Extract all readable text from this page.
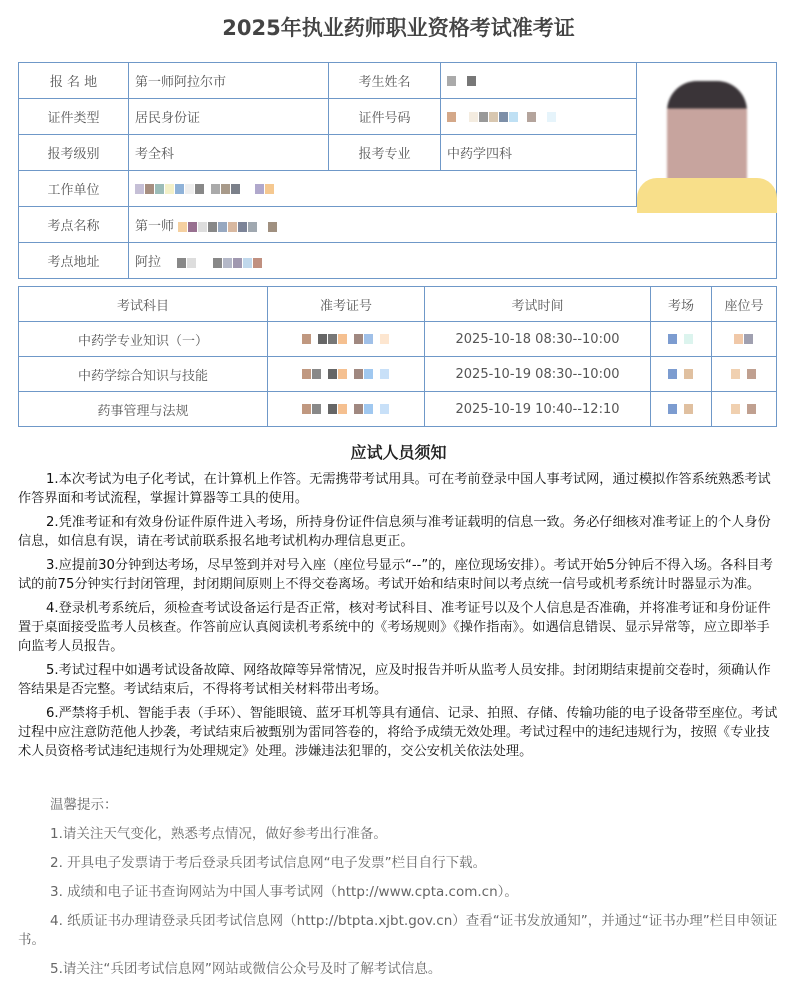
2025年执业药师职业资格考试准考证
报 名 地	第一师阿拉尔市	考生姓名		

证件类型	居民身份证	证件号码		
报考级别	考全科	报考专业	中药学四科	
工作单位				
考点名称	第一师			
考点地址	阿拉			
考试科目	准考证号	考试时间	考场	座位号
中药学专业知识（一）		2025-10-18 08:30--10:00		
中药学综合知识与技能		2025-10-19 08:30--10:00		
药事管理与法规		2025-10-19 10:40--12:10		
应试人员须知

1.本次考试为电子化考试，在计算机上作答。无需携带考试用具。可在考前登录中国人事考试网，通过模拟作答系统熟悉考试作答界面和考试流程，掌握计算器等工具的使用。

2.凭准考证和有效身份证件原件进入考场，所持身份证件信息须与准考证载明的信息一致。务必仔细核对准考证上的个人身份信息，如信息有误，请在考试前联系报名地考试机构办理信息更正。

3.应提前30分钟到达考场，尽早签到并对号入座（座位号显示“--”的，座位现场安排）。考试开始5分钟后不得入场。各科目考试的前75分钟实行封闭管理，封闭期间原则上不得交卷离场。考试开始和结束时间以考点统一信号或机考系统计时器显示为准。

4.登录机考系统后，须检查考试设备运行是否正常，核对考试科目、准考证号以及个人信息是否准确，并将准考证和身份证件置于桌面接受监考人员核查。作答前应认真阅读机考系统中的《考场规则》《操作指南》。如遇信息错误、显示异常等，应立即举手向监考人员报告。

5.考试过程中如遇考试设备故障、网络故障等异常情况，应及时报告并听从监考人员安排。封闭期结束提前交卷时，须确认作答结果是否完整。考试结束后，不得将考试相关材料带出考场。

6.严禁将手机、智能手表（手环）、智能眼镜、蓝牙耳机等具有通信、记录、拍照、存储、传输功能的电子设备带至座位。考试过程中应注意防范他人抄袭，考试结束后被甄别为雷同答卷的，将给予成绩无效处理。考试过程中的违纪违规行为，按照《专业技术人员资格考试违纪违规行为处理规定》处理。涉嫌违法犯罪的，交公安机关依法处理。

温馨提示：

1.请关注天气变化，熟悉考点情况，做好参考出行准备。

2. 开具电子发票请于考后登录兵团考试信息网“电子发票”栏目自行下载。

3. 成绩和电子证书查询网站为中国人事考试网（http://www.cpta.com.cn）。

4. 纸质证书办理请登录兵团考试信息网（http://btpta.xjbt.gov.cn）查看“证书发放通知”，并通过“证书办理”栏目申领证书。

5.请关注“兵团考试信息网”网站或微信公众号及时了解考试信息。
